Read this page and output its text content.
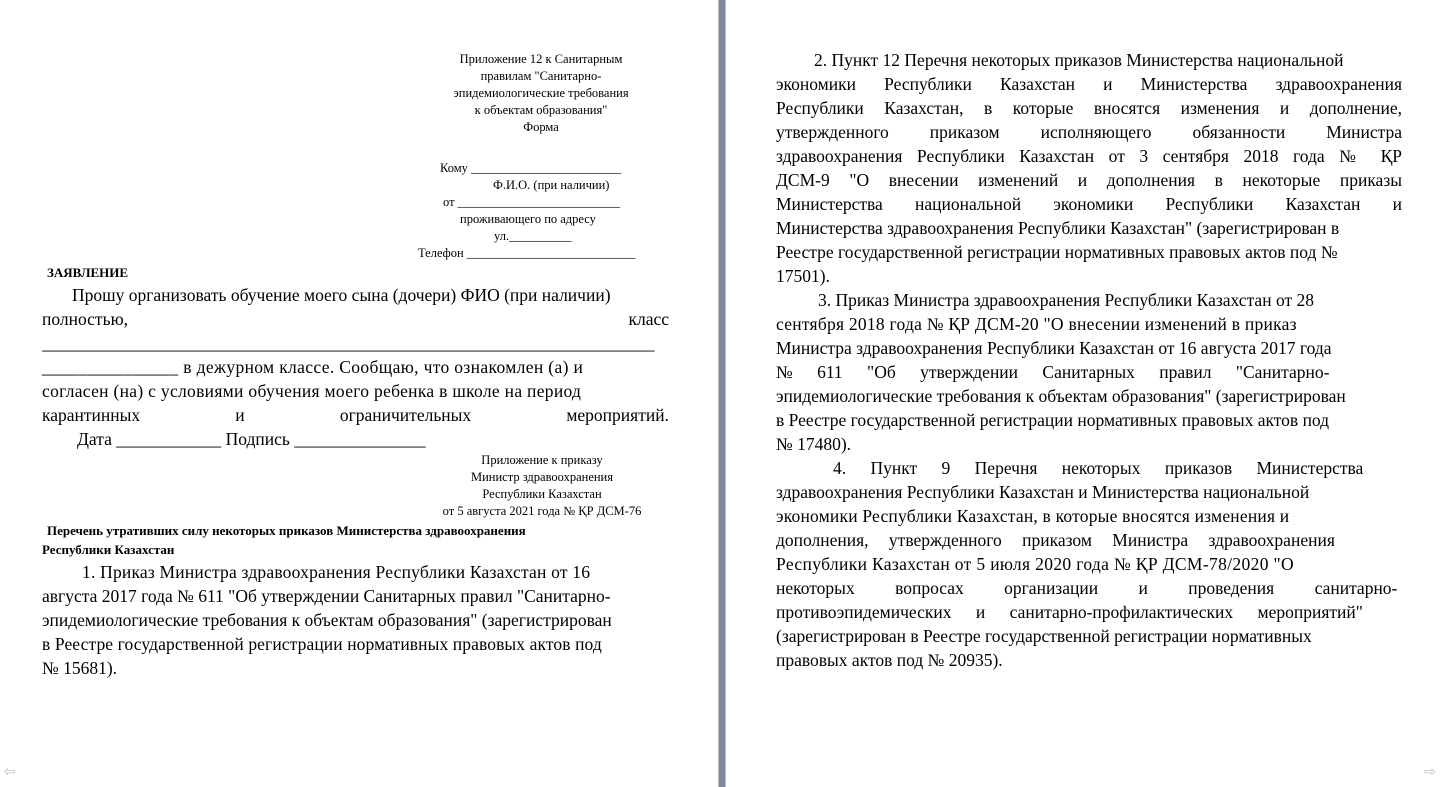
Приложение 12 к Санитарным
правилам "Санитарно-
эпидемиологические требования
к объектам образования"
Форма
Кому ________________________
Ф.И.О. (при наличии)
от __________________________
проживающего по адресу
ул.__________
Телефон ___________________________
ЗАЯВЛЕНИЕ
Прошу организовать обучение моего сына (дочери) ФИО (при наличии)
полностью,	класс
______________________________________________________________________
_______________ в дежурном классе. Сообщаю, что ознакомлен (а) и
согласен (на) с условиями обучения моего ребенка в школе на период
карантинных	и	ограничительных	мероприятий.
Дата ____________ Подпись _______________
Приложение к приказу
Министр здравоохранения
Республики Казахстан
от 5 августа 2021 года № ҚР ДСМ-76
Перечень утративших силу некоторых приказов Министерства здравоохранения
Республики Казахстан
1. Приказ Министра здравоохранения Республики Казахстан от 16
августа 2017 года № 611 "Об утверждении Санитарных правил "Санитарно-
эпидемиологические требования к объектам образования" (зарегистрирован
в Реестре государственной регистрации нормативных правовых актов под
№ 15681).
⇦
2. Пункт 12 Перечня некоторых приказов Министерства национальной
экономики Республики Казахстан и Министерства здравоохранения
Республики Казахстан, в которые вносятся изменения и дополнение,
утвержденного приказом исполняющего обязанности Министра
здравоохранения Республики Казахстан от 3 сентября 2018 года № ҚР
ДСМ-9 "О внесении изменений и дополнения в некоторые приказы
Министерства национальной экономики Республики Казахстан и
Министерства здравоохранения Республики Казахстан" (зарегистрирован в
Реестре государственной регистрации нормативных правовых актов под №
17501).
3. Приказ Министра здравоохранения Республики Казахстан от 28
сентября 2018 года № ҚР ДСМ-20 "О внесении изменений в приказ
Министра здравоохранения Республики Казахстан от 16 августа 2017 года
№ 611 "Об утверждении Санитарных правил "Санитарно-
эпидемиологические требования к объектам образования" (зарегистрирован
в Реестре государственной регистрации нормативных правовых актов под
№ 17480).
4. Пункт 9 Перечня некоторых приказов Министерства
здравоохранения Республики Казахстан и Министерства национальной
экономики Республики Казахстан, в которые вносятся изменения и
дополнения, утвержденного приказом Министра здравоохранения
Республики Казахстан от 5 июля 2020 года № ҚР ДСМ-78/2020 "О
некоторых вопросах организации и проведения санитарно-
противоэпидемических и санитарно-профилактических мероприятий"
(зарегистрирован в Реестре государственной регистрации нормативных
правовых актов под № 20935).
⇨
